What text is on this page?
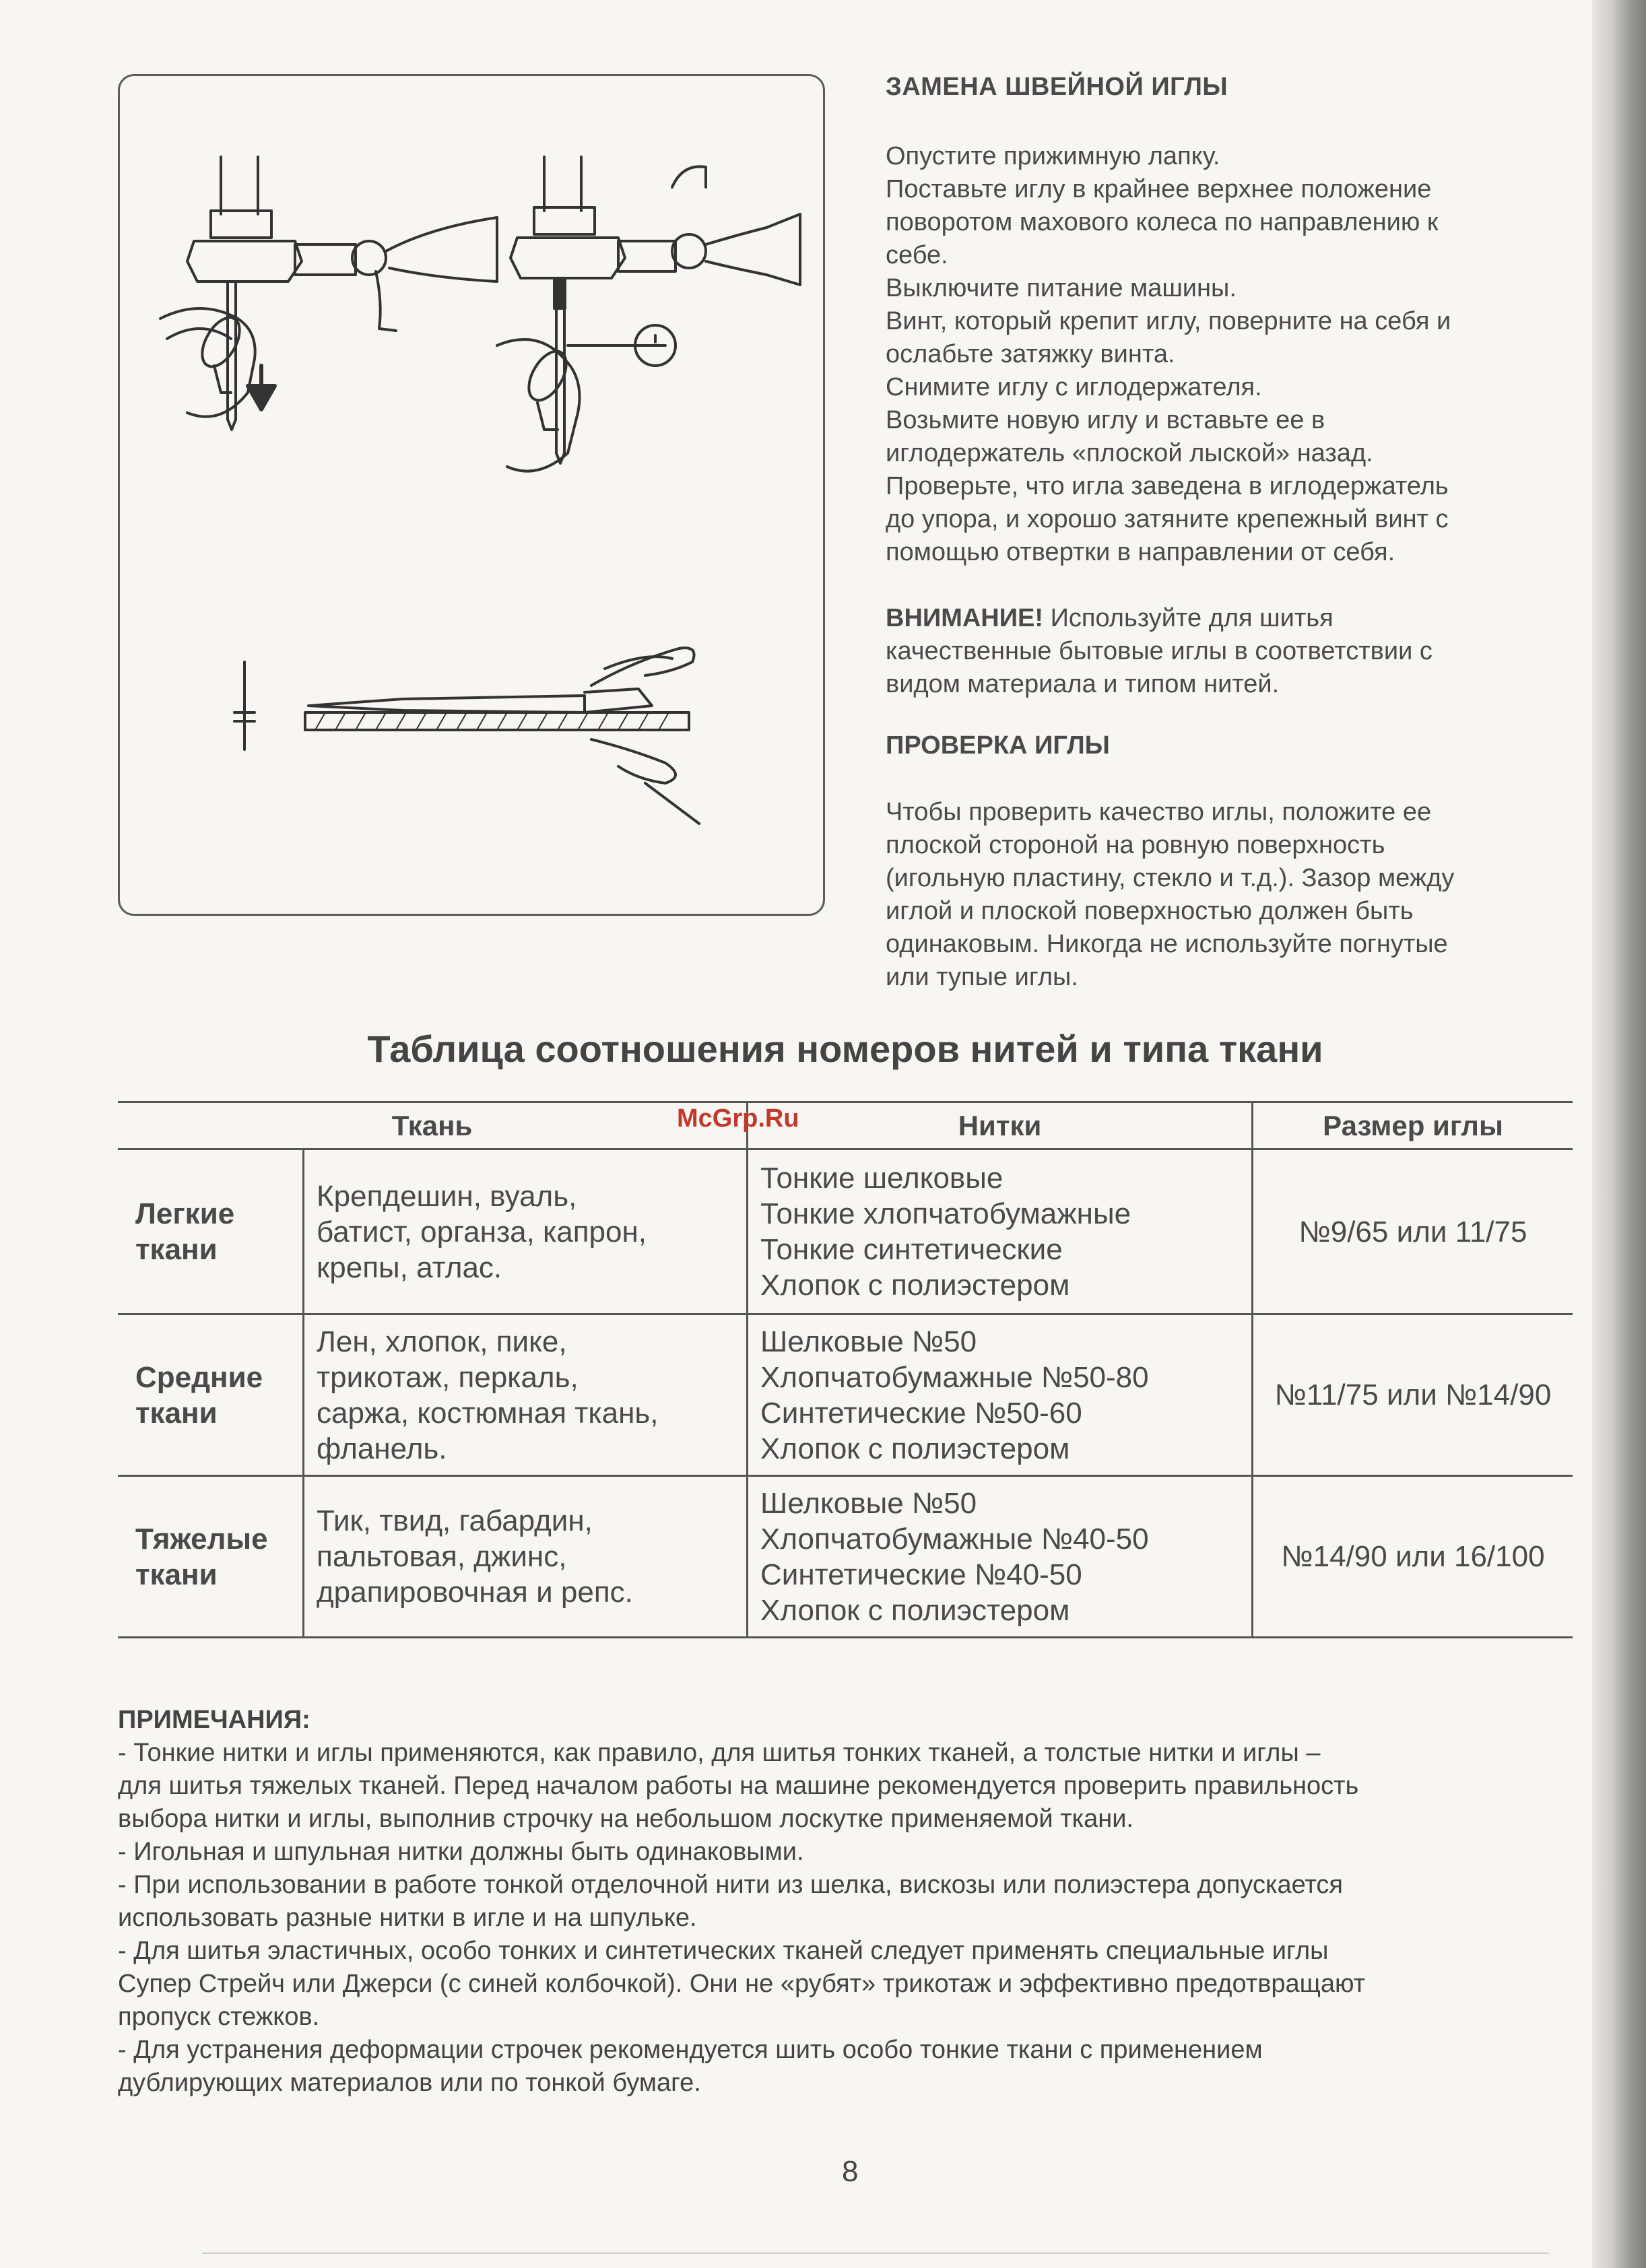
ЗАМЕНА ШВЕЙНОЙ ИГЛЫ

Опустите прижимную лапку.
Поставьте иглу в крайнее верхнее положение
поворотом махового колеса по направлению к
себе.
Выключите питание машины.
Винт, который крепит иглу, поверните на себя и
ослабьте затяжку винта.
Снимите иглу с иглодержателя.
Возьмите новую иглу и вставьте ее в
иглодержатель «плоской лыской» назад.
Проверьте, что игла заведена в иглодержатель
до упора, и хорошо затяните крепежный винт с
помощью отвертки в направлении от себя.

ВНИМАНИЕ! Используйте для шитья
качественные бытовые иглы в соответствии с
видом материала и типом нитей.

ПРОВЕРКА ИГЛЫ

Чтобы проверить качество иглы, положите ее
плоской стороной на ровную поверхность
(игольную пластину, стекло и т.д.). Зазор между
иглой и плоской поверхностью должен быть
одинаковым. Никогда не используйте погнутые
или тупые иглы.

Таблица соотношения номеров нитей и типа ткани
Ткань		Нитки	Размер иглы

Легкие
ткани	Крепдешин, вуаль,
батист, органза, капрон,
крепы, атлас.	Тонкие шелковые
Тонкие хлопчатобумажные
Тонкие синтетические
Хлопок с полиэстером	№9/65 или 11/75

Средние
ткани	Лен, хлопок, пике,
трикотаж, перкаль,
саржа, костюмная ткань,
фланель.	Шелковые №50
Хлопчатобумажные №50-80
Синтетические №50-60
Хлопок с полиэстером	№11/75 или №14/90

Тяжелые
ткани	Тик, твид, габардин,
пальтовая, джинс,
драпировочная и репс.	Шелковые №50
Хлопчатобумажные №40-50
Синтетические №40-50
Хлопок с полиэстером	№14/90 или 16/100
McGrp.Ru
ПРИМЕЧАНИЯ:
- Тонкие нитки и иглы применяются, как правило, для шитья тонких тканей, а толстые нитки и иглы –
для шитья тяжелых тканей. Перед началом работы на машине рекомендуется проверить правильность
выбора нитки и иглы, выполнив строчку на небольшом лоскутке применяемой ткани.
- Игольная и шпульная нитки должны быть одинаковыми.
- При использовании в работе тонкой отделочной нити из шелка, вискозы или полиэстера допускается
использовать разные нитки в игле и на шпульке.
- Для шитья эластичных, особо тонких и синтетических тканей следует применять специальные иглы
Супер Стрейч или Джерси (с синей колбочкой). Они не «рубят» трикотаж и эффективно предотвращают
пропуск стежков.
- Для устранения деформации строчек рекомендуется шить особо тонкие ткани с применением
дублирующих материалов или по тонкой бумаге.
8
